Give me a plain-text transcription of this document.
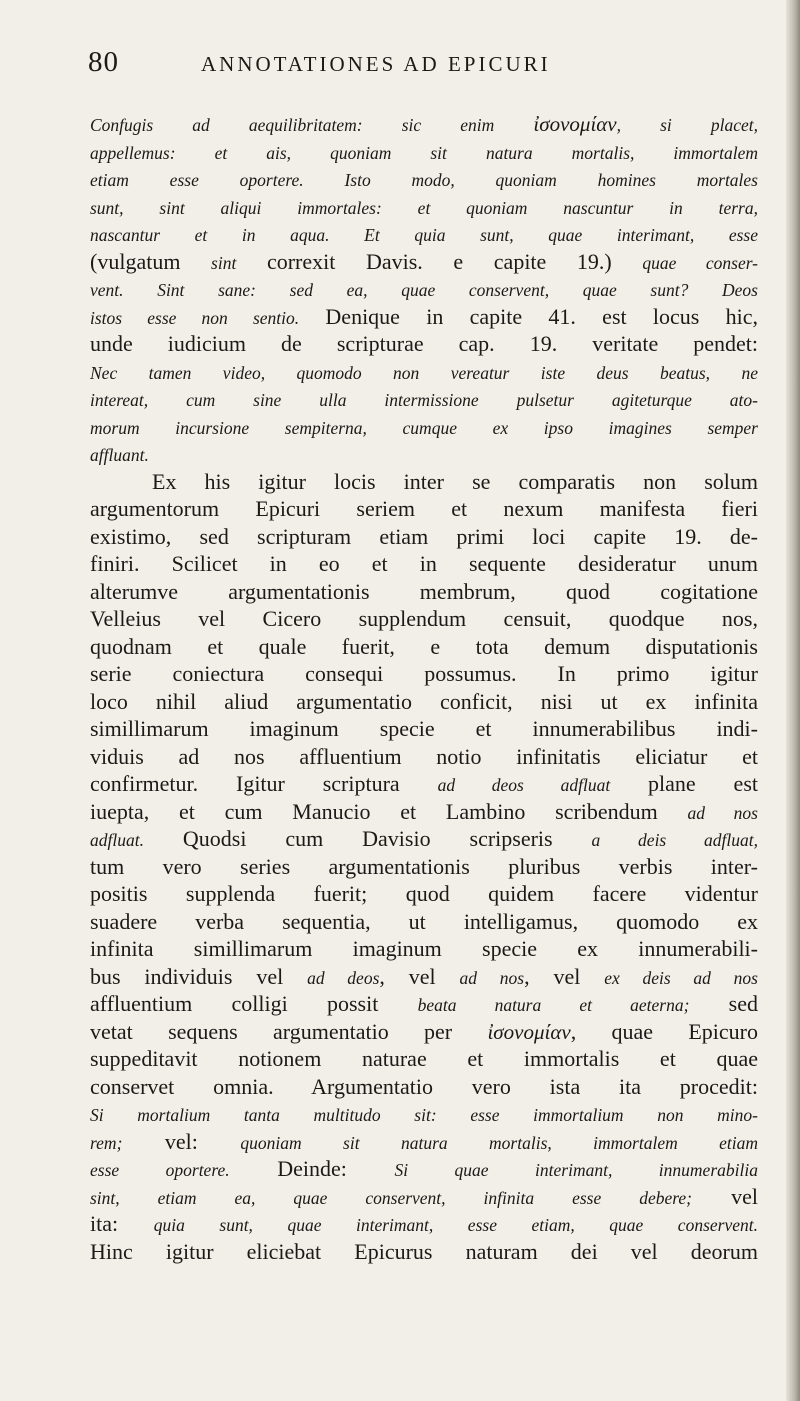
80	ANNOTATIONES AD EPICURI
Confugis ad aequilibritatem: sic enim ἰσονομίαν, si placet,
appellemus: et ais, quoniam sit natura mortalis, immortalem
etiam esse oportere. Isto modo, quoniam homines mortales
sunt, sint aliqui immortales: et quoniam nascuntur in terra,
nascantur et in aqua. Et quia sunt, quae interimant, esse
(vulgatum sint correxit Davis. e capite 19.) quae conser-
vent. Sint sane: sed ea, quae conservent, quae sunt? Deos
istos esse non sentio. Denique in capite 41. est locus hic,
unde iudicium de scripturae cap. 19. veritate pendet:
Nec tamen video, quomodo non vereatur iste deus beatus, ne
intereat, cum sine ulla intermissione pulsetur agiteturque ato-
morum incursione sempiterna, cumque ex ipso imagines semper
affluant.
Ex his igitur locis inter se comparatis non solum
argumentorum Epicuri seriem et nexum manifesta fieri
existimo, sed scripturam etiam primi loci capite 19. de-
finiri. Scilicet in eo et in sequente desideratur unum
alterumve argumentationis membrum, quod cogitatione
Velleius vel Cicero supplendum censuit, quodque nos,
quodnam et quale fuerit, e tota demum disputationis
serie coniectura consequi possumus. In primo igitur
loco nihil aliud argumentatio conficit, nisi ut ex infinita
simillimarum imaginum specie et innumerabilibus indi-
viduis ad nos affluentium notio infinitatis eliciatur et
confirmetur. Igitur scriptura ad deos adfluat plane est
iuepta, et cum Manucio et Lambino scribendum ad nos
adfluat. Quodsi cum Davisio scripseris a deis adfluat,
tum vero series argumentationis pluribus verbis inter-
positis supplenda fuerit; quod quidem facere videntur
suadere verba sequentia, ut intelligamus, quomodo ex
infinita simillimarum imaginum specie ex innumerabili-
bus individuis vel ad deos, vel ad nos, vel ex deis ad nos
affluentium colligi possit beata natura et aeterna; sed
vetat sequens argumentatio per ἰσονομίαν, quae Epicuro
suppeditavit notionem naturae et immortalis et quae
conservet omnia. Argumentatio vero ista ita procedit:
Si mortalium tanta multitudo sit: esse immortalium non mino-
rem; vel: quoniam sit natura mortalis, immortalem etiam
esse oportere. Deinde: Si quae interimant, innumerabilia
sint, etiam ea, quae conservent, infinita esse debere; vel
ita: quia sunt, quae interimant, esse etiam, quae conservent.
Hinc igitur eliciebat Epicurus naturam dei vel deorum
